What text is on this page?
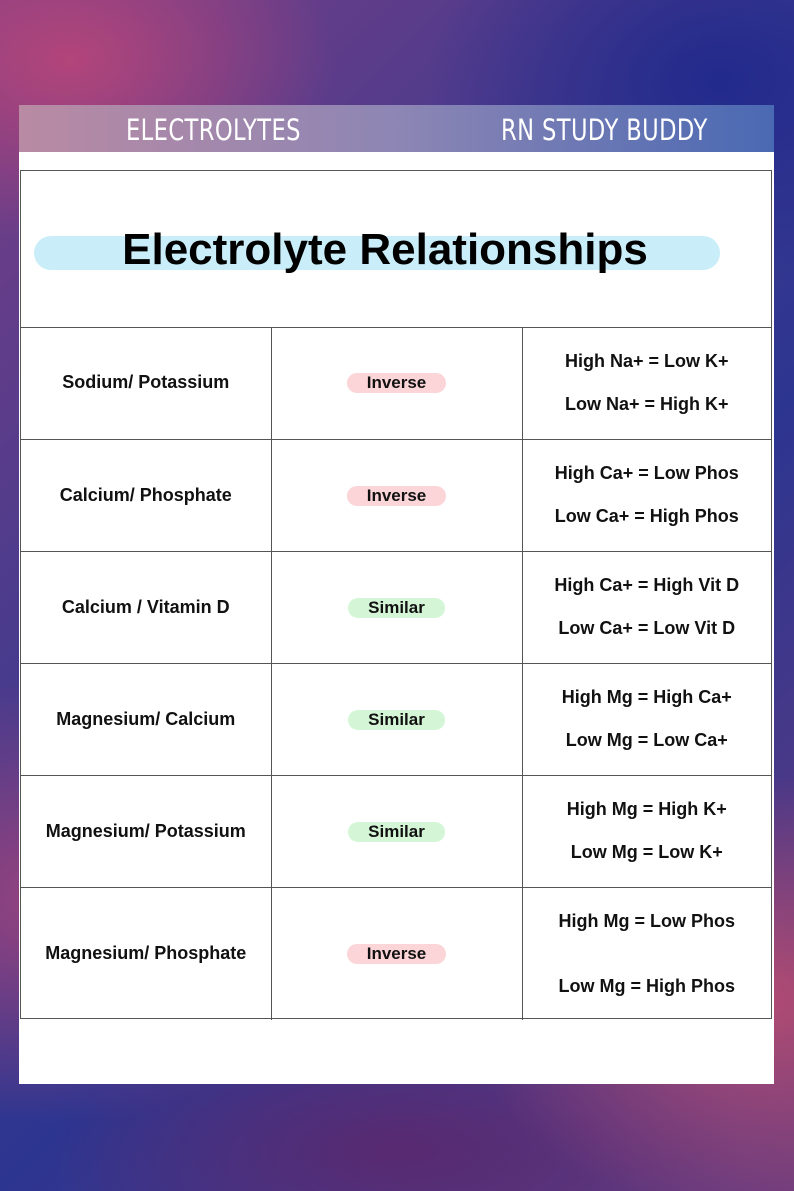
ELECTROLYTES	RN STUDY BUDDY
Electrolyte Relationships
Sodium/ Potassium	Inverse	High Na+ = Low K+
Low Na+ = High K+

Calcium/ Phosphate	Inverse	High Ca+ = Low Phos
Low Ca+ = High Phos

Calcium / Vitamin D	Similar	High Ca+ = High Vit D
Low Ca+ = Low Vit D

Magnesium/ Calcium	Similar	High Mg = High Ca+
Low Mg = Low Ca+

Magnesium/ Potassium	Similar	High Mg = High K+
Low Mg = Low K+

Magnesium/ Phosphate	Inverse	High Mg = Low Phos
Low Mg = High Phos
